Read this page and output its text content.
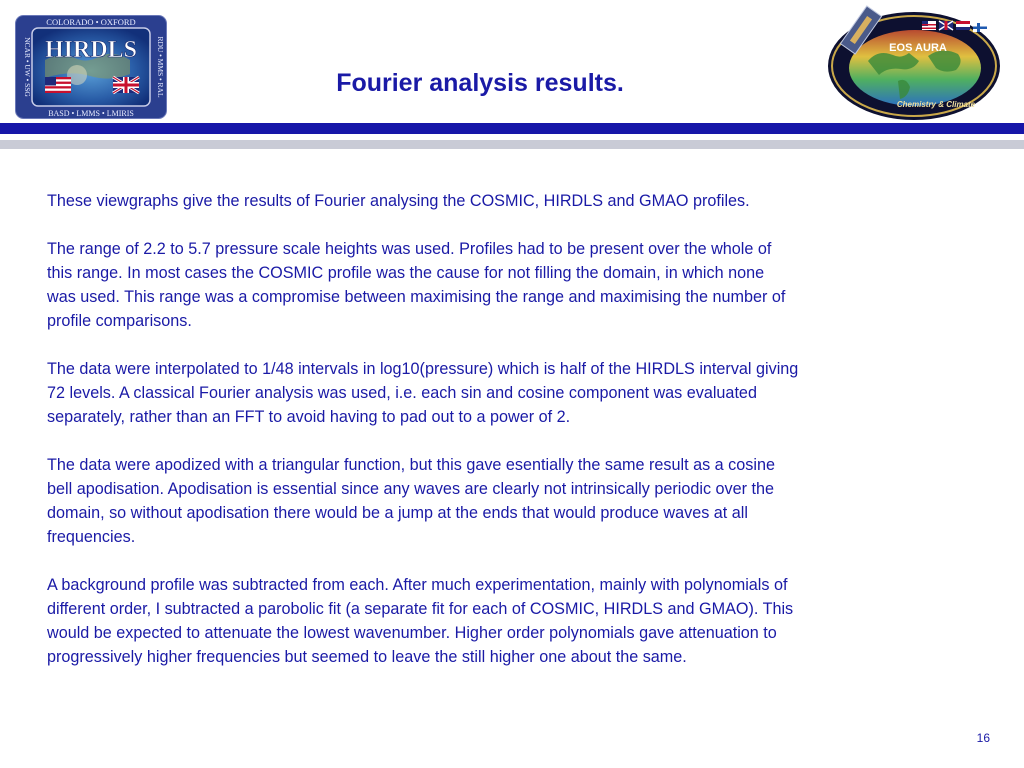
COLORADO • OXFORD
BASD • LMMS • LMIRIS
NCAR • UW • SSG	RDU • MMS • RAL
HIRDLS
Fourier analysis results.
EOS AURA
Chemistry & Climate

These viewgraphs give the results of Fourier analysing the COSMIC, HIRDLS and GMAO profiles.

The range of 2.2 to 5.7 pressure scale heights was used. Profiles had to be present over the whole of
this range. In most cases the COSMIC profile was the cause for not filling the domain, in which none
was used. This range was a compromise between maximising the range and maximising the number of
profile comparisons.

The data were interpolated to 1/48 intervals in log10(pressure) which is half of the HIRDLS interval giving
72 levels. A classical Fourier analysis was used, i.e. each sin and cosine component was evaluated
separately, rather than an FFT to avoid having to pad out to a power of 2.

The data were apodized with a triangular function, but this gave esentially the same result as a cosine
bell apodisation. Apodisation is essential since any waves are clearly not intrinsically periodic over the
domain, so without apodisation there would be a jump at the ends that would produce waves at all
frequencies.

A background profile was subtracted from each. After much experimentation, mainly with polynomials of
different order, I subtracted a parobolic fit (a separate fit for each of COSMIC, HIRDLS and GMAO). This
would be expected to attenuate the lowest wavenumber. Higher order polynomials gave attenuation to
progressively higher frequencies but seemed to leave the still higher one about the same.

16
